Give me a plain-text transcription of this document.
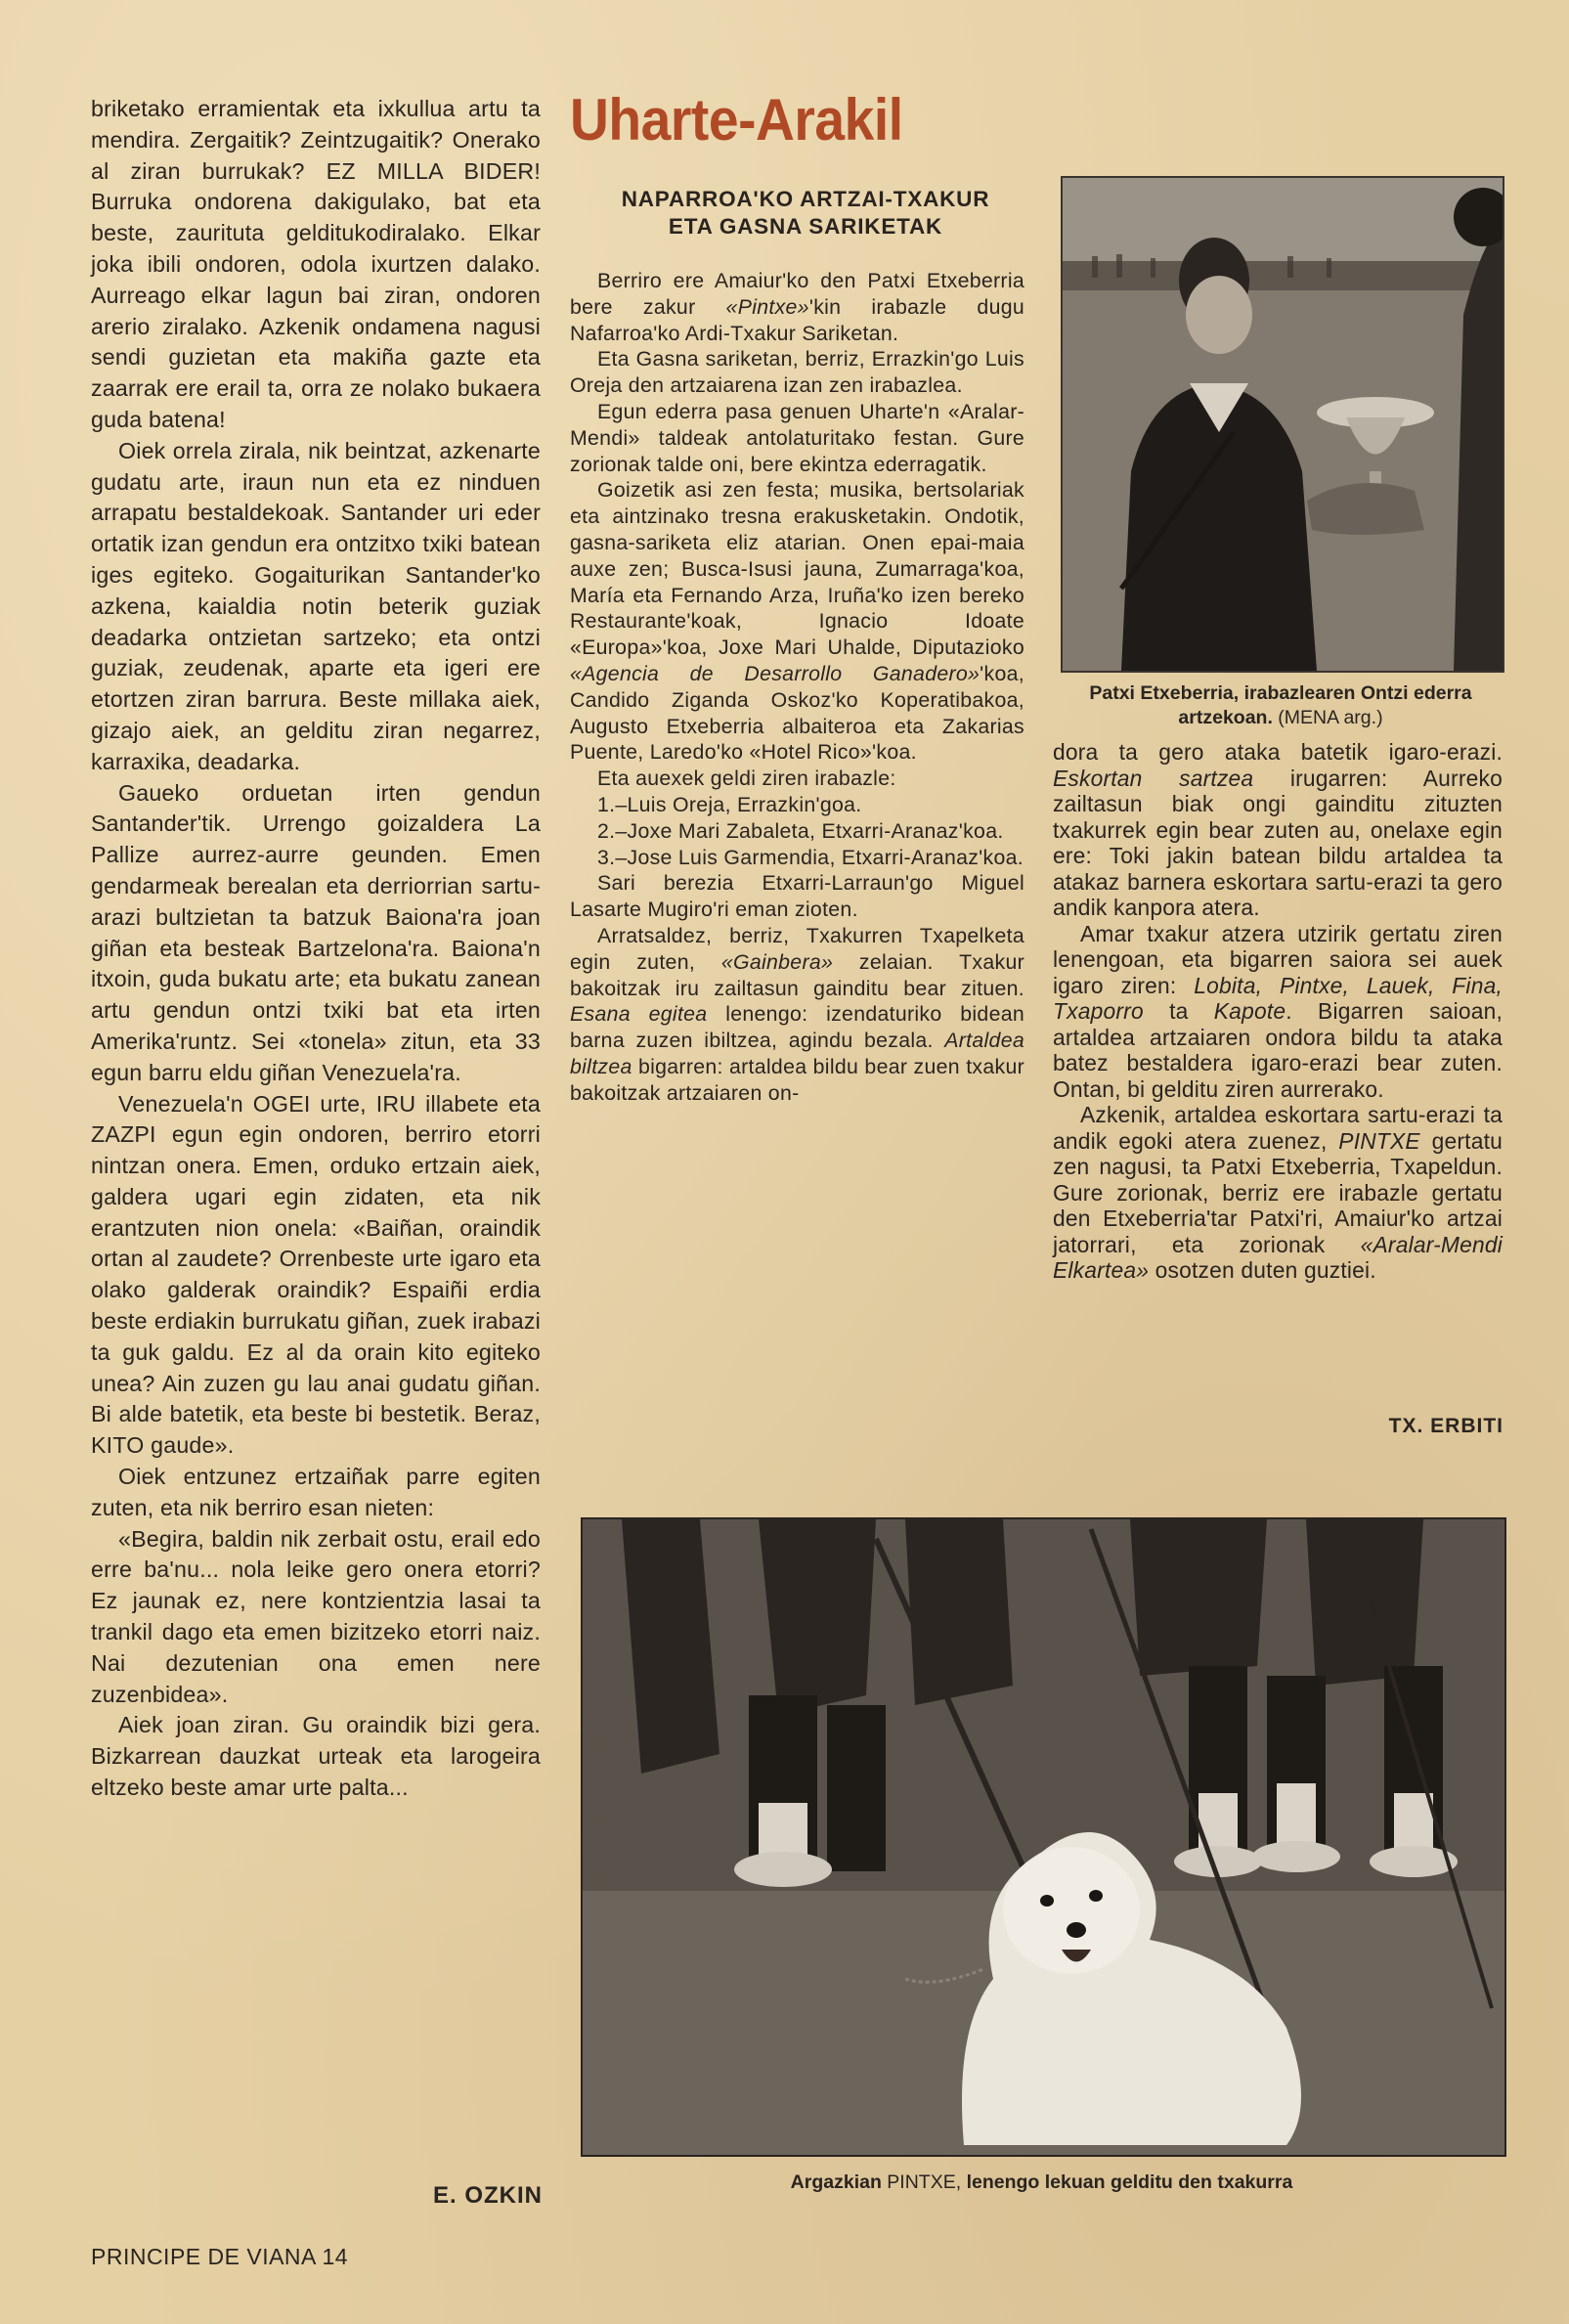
briketako erramientak eta ixkullua artu ta mendira. Zergaitik? Zeintzugaitik? Onerako al ziran burrukak? EZ MILLA BIDER! Burruka ondorena dakigulako, bat eta beste, zaurituta gelditukodiralako. Elkar joka ibili ondoren, odola ixurtzen dalako. Aurreago elkar lagun bai ziran, ondoren arerio ziralako. Azkenik ondamena nagusi sendi guzietan eta makiña gazte eta zaarrak ere erail ta, orra ze nolako bukaera guda batena!

Oiek orrela zirala, nik beintzat, azkenarte gudatu arte, iraun nun eta ez ninduen arrapatu bestaldekoak. Santander uri eder ortatik izan gendun era ontzitxo txiki batean iges egiteko. Gogaiturikan Santander'ko azkena, kaialdia notin beterik guziak deadarka ontzietan sartzeko; eta ontzi guziak, zeudenak, aparte eta igeri ere etortzen ziran barrura. Beste millaka aiek, gizajo aiek, an gelditu ziran negarrez, karraxika, deadarka.

Gaueko orduetan irten gendun Santander'tik. Urrengo goizaldera La Pallize aurrez-aurre geunden. Emen gendarmeak berealan eta derriorrian sartu-arazi bultzietan ta batzuk Baiona'ra joan giñan eta besteak Bartzelona'ra. Baiona'n itxoin, guda bukatu arte; eta bukatu zanean artu gendun ontzi txiki bat eta irten Amerika'runtz. Sei «tonela» zitun, eta 33 egun barru eldu giñan Venezuela'ra.

Venezuela'n OGEI urte, IRU illabete eta ZAZPI egun egin ondoren, berriro etorri nintzan onera. Emen, orduko ertzain aiek, galdera ugari egin zidaten, eta nik erantzuten nion onela: «Baiñan, oraindik ortan al zaudete? Orrenbeste urte igaro eta olako galderak oraindik? Espaiñi erdia beste erdiakin burrukatu giñan, zuek irabazi ta guk galdu. Ez al da orain kito egiteko unea? Ain zuzen gu lau anai gudatu giñan. Bi alde batetik, eta beste bi bestetik. Beraz, KITO gaude».

Oiek entzunez ertzaiñak parre egiten zuten, eta nik berriro esan nieten:

«Begira, baldin nik zerbait ostu, erail edo erre ba'nu... nola leike gero onera etorri? Ez jaunak ez, nere kontzientzia lasai ta trankil dago eta emen bizitzeko etorri naiz. Nai dezutenian ona emen nere zuzenbidea».

Aiek joan ziran. Gu oraindik bizi gera. Bizkarrean dauzkat urteak eta larogeira eltzeko beste amar urte palta...

E. OZKIN
PRINCIPE DE VIANA 14
Uharte-Arakil
NAPARROA'KO ARTZAI-TXAKUR
ETA GASNA SARIKETAK

Berriro ere Amaiur'ko den Patxi Etxeberria bere zakur «Pintxe»'kin irabazle dugu Nafarroa'ko Ardi-Txakur Sariketan.

Eta Gasna sariketan, berriz, Errazkin'go Luis Oreja den artzaiarena izan zen irabazlea.

Egun ederra pasa genuen Uharte'n «Aralar-Mendi» taldeak antolaturitako festan. Gure zorionak talde oni, bere ekintza ederragatik.

Goizetik asi zen festa; musika, bertsolariak eta aintzinako tresna erakusketakin. Ondotik, gasna-sariketa eliz atarian. Onen epai-maia auxe zen; Busca-Isusi jauna, Zumarraga'koa, María eta Fernando Arza, Iruña'ko izen bereko Restaurante'koak, Ignacio Idoate «Europa»'koa, Joxe Mari Uhalde, Diputazioko «Agencia de Desarrollo Ganadero»'koa, Candido Ziganda Oskoz'ko Koperatibakoa, Augusto Etxeberria albaiteroa eta Zakarias Puente, Laredo'ko «Hotel Rico»'koa.

Eta auexek geldi ziren irabazle:

1.–Luis Oreja, Errazkin'goa.

2.–Joxe Mari Zabaleta, Etxarri-Aranaz'koa.

3.–Jose Luis Garmendia, Etxarri-Aranaz'koa.

Sari berezia Etxarri-Larraun'go Miguel Lasarte Mugiro'ri eman zioten.

Arratsaldez, berriz, Txakurren Txapelketa egin zuten, «Gainbera» zelaian. Txakur bakoitzak iru zailtasun gainditu bear zituen. Esana egitea lenengo: izendaturiko bidean barna zuzen ibiltzea, agindu bezala. Artaldea biltzea bigarren: artaldea bildu bear zuen txakur bakoitzak artzaiaren on-

Patxi Etxeberria, irabazlearen Ontzi ederra artzekoan. (MENA arg.)

dora ta gero ataka batetik igaro-erazi. Eskortan sartzea irugarren: Aurreko zailtasun biak ongi gainditu zituzten txakurrek egin bear zuten au, onelaxe egin ere: Toki jakin batean bildu artaldea ta atakaz barnera eskortara sartu-erazi ta gero andik kanpora atera.

Amar txakur atzera utzirik gertatu ziren lenengoan, eta bigarren saiora sei auek igaro ziren: Lobita, Pintxe, Lauek, Fina, Txaporro ta Kapote. Bigarren saioan, artaldea artzaiaren ondora bildu ta ataka batez bestaldera igaro-erazi bear zuten. Ontan, bi gelditu ziren aurrerako.

Azkenik, artaldea eskortara sartu-erazi ta andik egoki atera zuenez, PINTXE gertatu zen nagusi, ta Patxi Etxeberria, Txapeldun. Gure zorionak, berriz ere irabazle gertatu den Etxeberria'tar Patxi'ri, Amaiur'ko artzai jatorrari, eta zorionak «Aralar-Mendi Elkartea» osotzen duten guztiei.

TX. ERBITI
Argazkian PINTXE, lenengo lekuan gelditu den txakurra
